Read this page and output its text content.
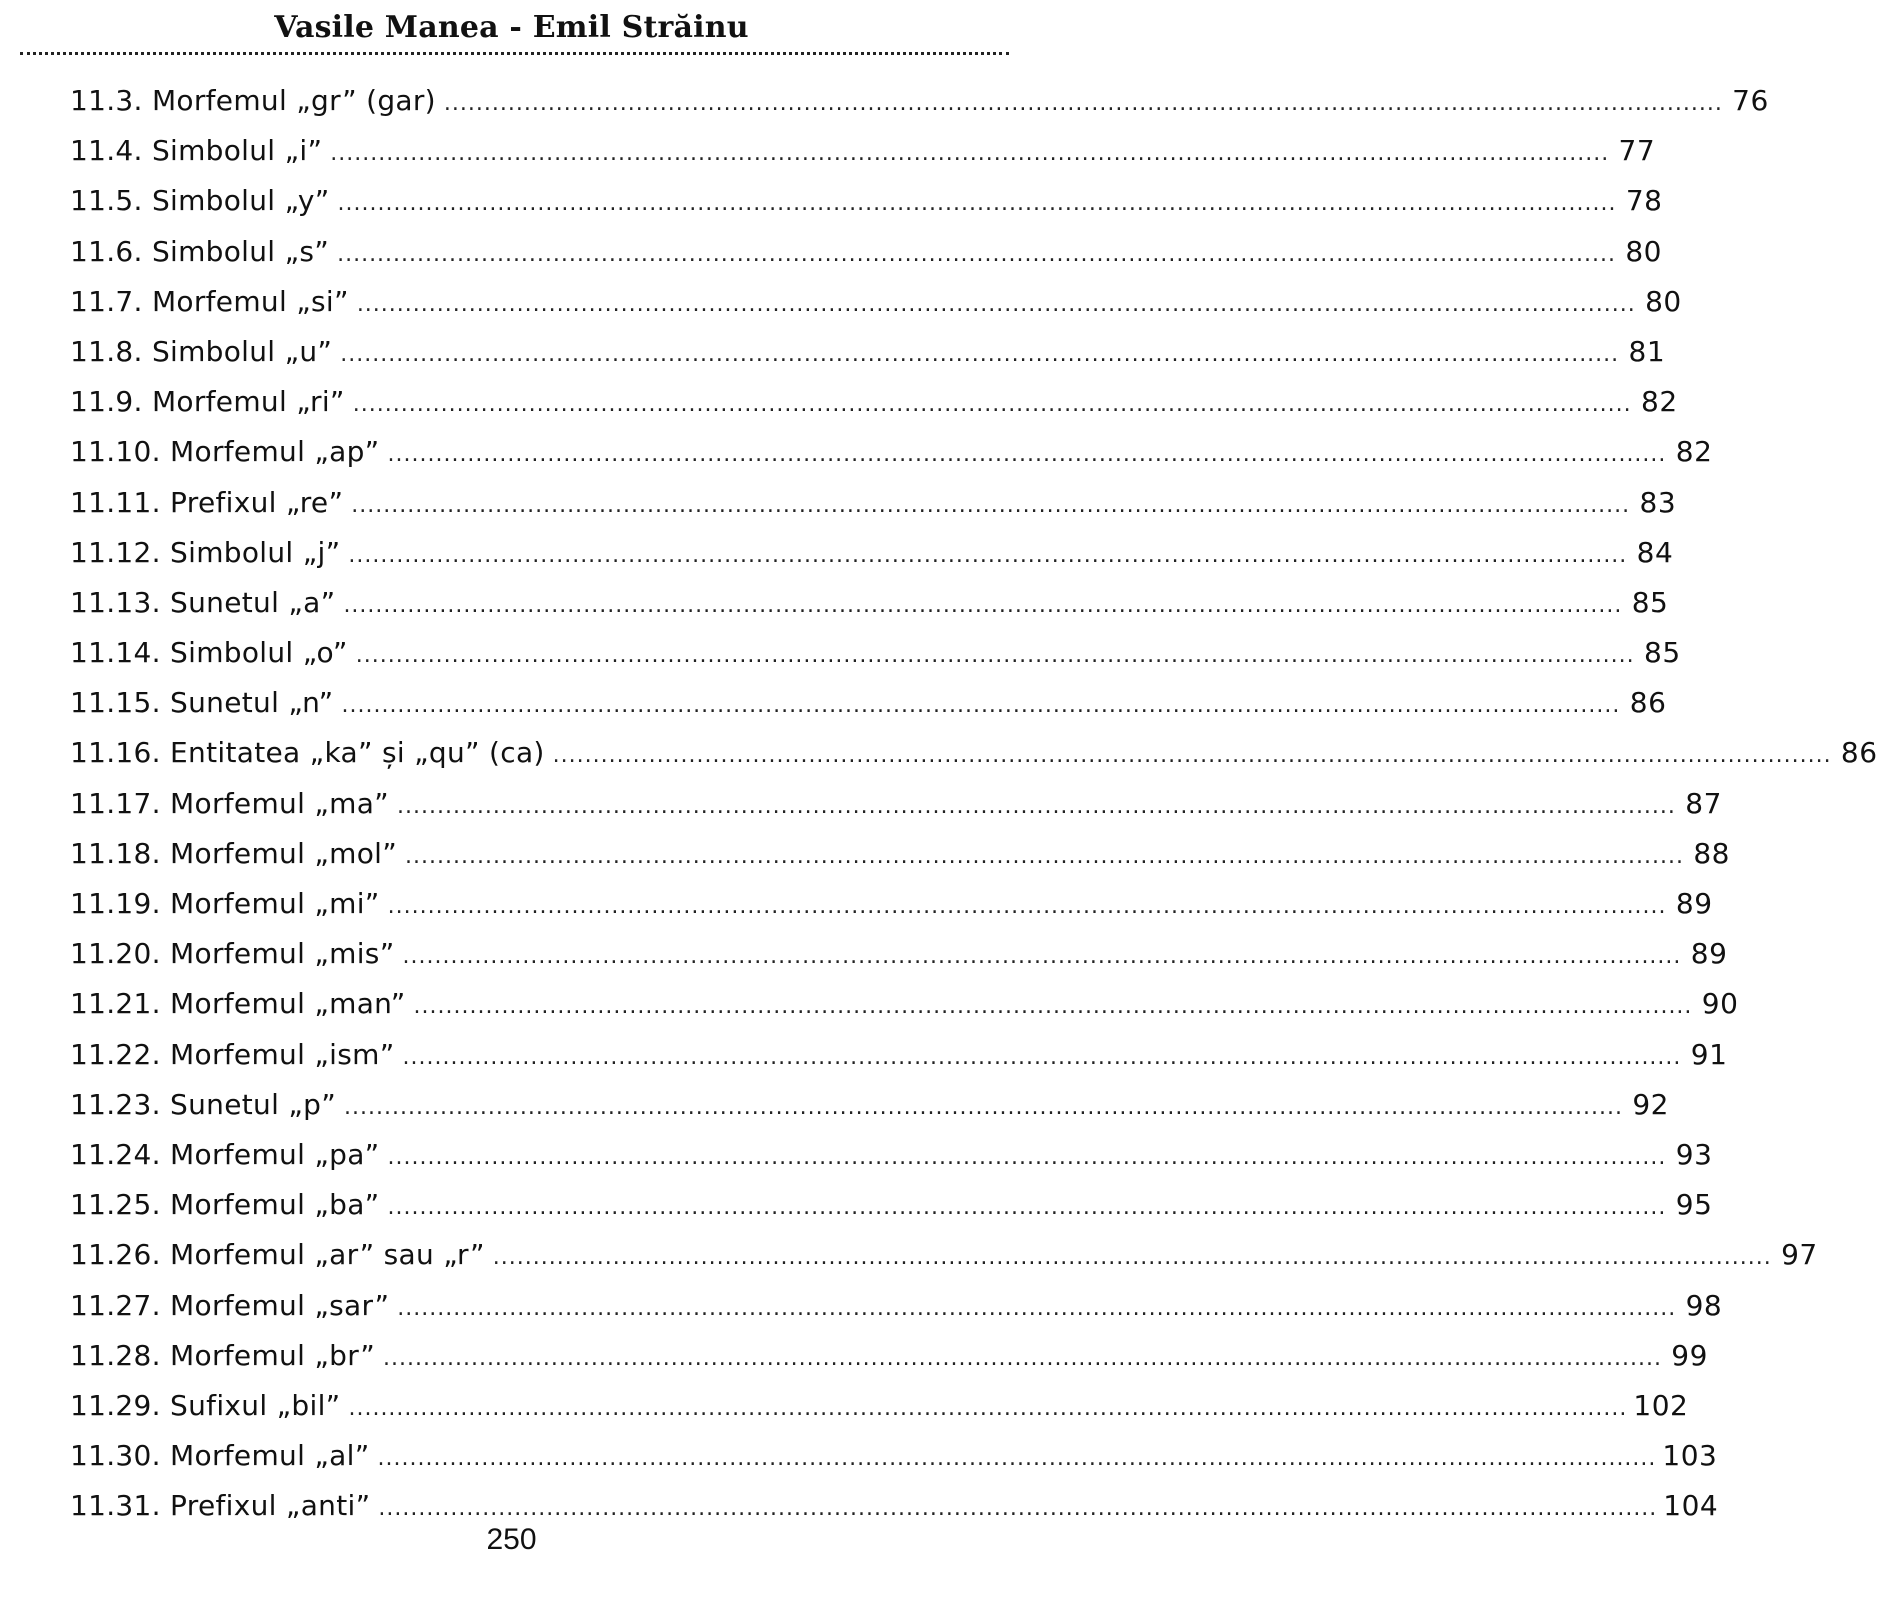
Vasile Manea - Emil Străinu
11.3. Morfemul „gr” (gar) ................................................................................................................................................................ 76
11.4. Simbolul „i” ................................................................................................................................................................ 77
11.5. Simbolul „y” ................................................................................................................................................................ 78
11.6. Simbolul „s” ................................................................................................................................................................ 80
11.7. Morfemul „si” ................................................................................................................................................................ 80
11.8. Simbolul „u” ................................................................................................................................................................ 81
11.9. Morfemul „ri” ................................................................................................................................................................ 82
11.10. Morfemul „ap” ................................................................................................................................................................ 82
11.11. Prefixul „re” ................................................................................................................................................................ 83
11.12. Simbolul „j” ................................................................................................................................................................ 84
11.13. Sunetul „a” ................................................................................................................................................................ 85
11.14. Simbolul „o” ................................................................................................................................................................ 85
11.15. Sunetul „n” ................................................................................................................................................................ 86
11.16. Entitatea „ka” și „qu” (ca) ................................................................................................................................................................ 86
11.17. Morfemul „ma” ................................................................................................................................................................ 87
11.18. Morfemul „mol” ................................................................................................................................................................ 88
11.19. Morfemul „mi” ................................................................................................................................................................ 89
11.20. Morfemul „mis” ................................................................................................................................................................ 89
11.21. Morfemul „man” ................................................................................................................................................................ 90
11.22. Morfemul „ism” ................................................................................................................................................................ 91
11.23. Sunetul „p” ................................................................................................................................................................ 92
11.24. Morfemul „pa” ................................................................................................................................................................ 93
11.25. Morfemul „ba” ................................................................................................................................................................ 95
11.26. Morfemul „ar” sau „r” ................................................................................................................................................................ 97
11.27. Morfemul „sar” ................................................................................................................................................................ 98
11.28. Morfemul „br” ................................................................................................................................................................ 99
11.29. Sufixul „bil” ................................................................................................................................................................ 102
11.30. Morfemul „al” ................................................................................................................................................................ 103
11.31. Prefixul „anti” ................................................................................................................................................................ 104
250
